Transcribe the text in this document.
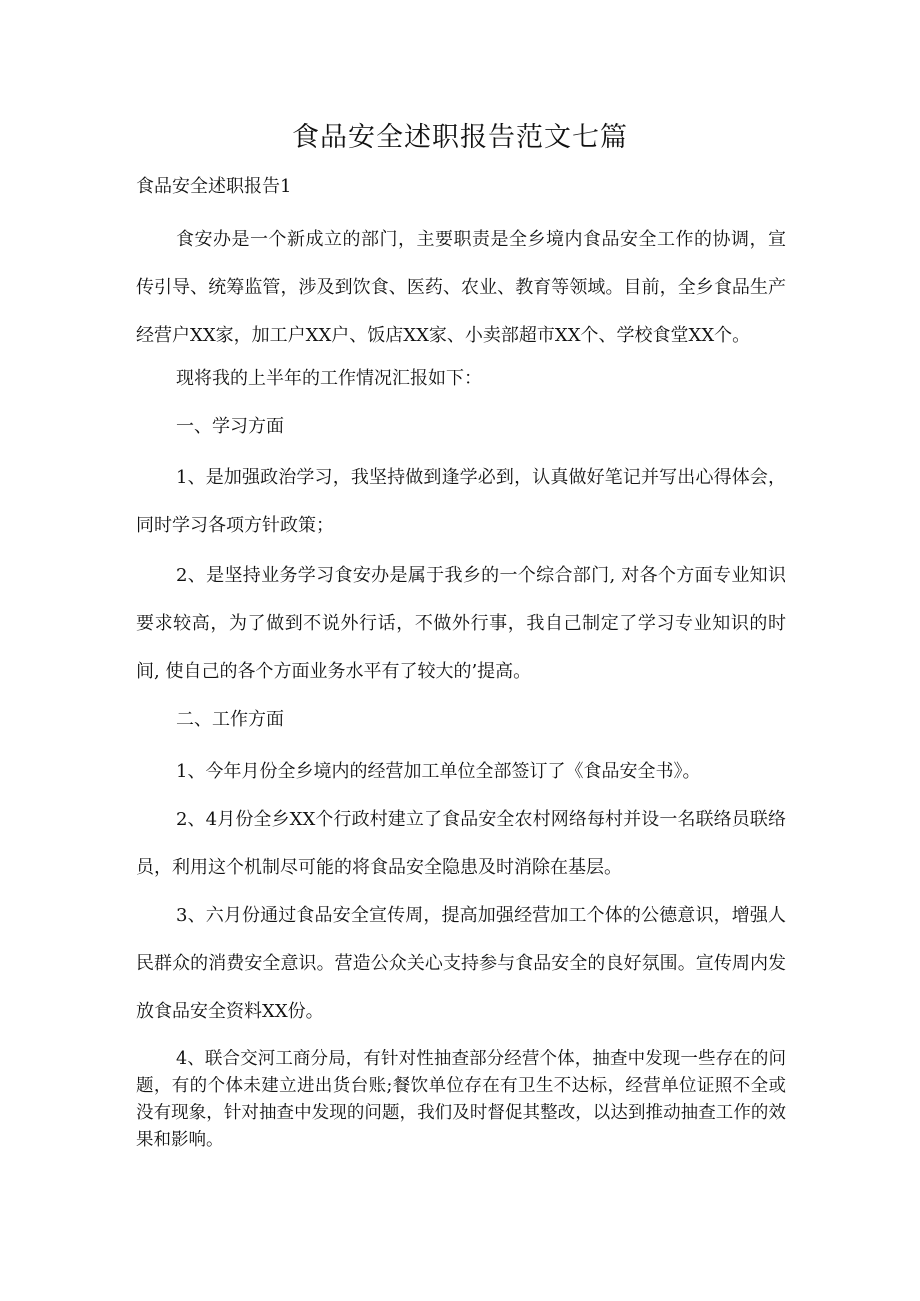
食品安全述职报告范文七篇
食品安全述职报告1

食安办是一个新成立的部门，主要职责是全乡境内食品安全工作的协调，宣传引导、统筹监管，涉及到饮食、医药、农业、教育等领域。目前，全乡食品生产经营户XX家，加工户XX户、饭店XX家、小卖部超市XX个、学校食堂XX个。

现将我的上半年的工作情况汇报如下：

一、学习方面

1、是加强政治学习，我坚持做到逢学必到，认真做好笔记并写出心得体会，同时学习各项方针政策；

2、是坚持业务学习食安办是属于我乡的一个综合部门, 对各个方面专业知识要求较高，为了做到不说外行话，不做外行事，我自己制定了学习专业知识的时间, 使自己的各个方面业务水平有了较大的’提高。

二、工作方面

1、今年月份全乡境内的经营加工单位全部签订了《食品安全书》。

2、4月份全乡XX个行政村建立了食品安全农村网络每村并设一名联络员联络员，利用这个机制尽可能的将食品安全隐患及时消除在基层。

3、六月份通过食品安全宣传周，提高加强经营加工个体的公德意识，增强人民群众的消费安全意识。营造公众关心支持参与食品安全的良好氛围。宣传周内发放食品安全资料XX份。

4、联合交河工商分局，有针对性抽查部分经营个体，抽查中发现一些存在的问题，有的个体未建立进出货台账;餐饮单位存在有卫生不达标，经营单位证照不全或没有现象，针对抽查中发现的问题，我们及时督促其整改，以达到推动抽查工作的效果和影响。
